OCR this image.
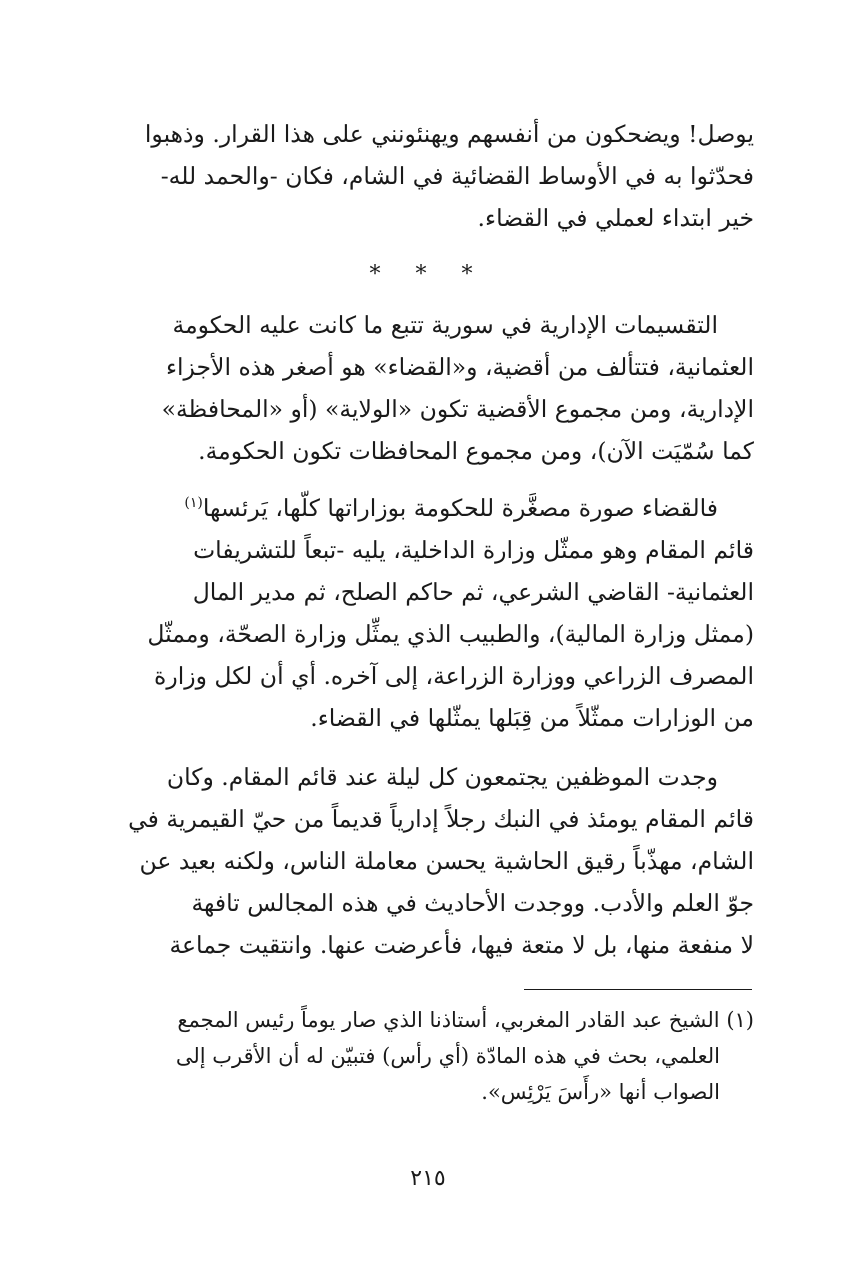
يوصل! ويضحكون من أنفسهم ويهنئونني على هذا القرار. وذهبوا
فحدّثوا به في الأوساط القضائية في الشام، فكان -والحمد لله-
خير ابتداء لعملي في القضاء.
* * *
التقسيمات الإدارية في سورية تتبع ما كانت عليه الحكومة
العثمانية، فتتألف من أقضية، و«القضاء» هو أصغر هذه الأجزاء
الإدارية، ومن مجموع الأقضية تكون «الولاية» (أو «المحافظة»
كما سُمّيَت الآن)، ومن مجموع المحافظات تكون الحكومة.
فالقضاء صورة مصغَّرة للحكومة بوزاراتها كلّها، يَرئسها$^{(١)}$
قائم المقام وهو ممثّل وزارة الداخلية، يليه -تبعاً للتشريفات
العثمانية- القاضي الشرعي، ثم حاكم الصلح، ثم مدير المال
(ممثل وزارة المالية)، والطبيب الذي يمثِّل وزارة الصحّة، وممثّل
المصرف الزراعي ووزارة الزراعة، إلى آخره. أي أن لكل وزارة
من الوزارات ممثّلاً من قِبَلها يمثّلها في القضاء.
وجدت الموظفين يجتمعون كل ليلة عند قائم المقام. وكان
قائم المقام يومئذ في النبك رجلاً إدارياً قديماً من حيّ القيمرية في
الشام، مهذّباً رقيق الحاشية يحسن معاملة الناس، ولكنه بعيد عن
جوّ العلم والأدب. ووجدت الأحاديث في هذه المجالس تافهة
لا منفعة منها، بل لا متعة فيها، فأعرضت عنها. وانتقيت جماعة
(١) الشيخ عبد القادر المغربي، أستاذنا الذي صار يوماً رئيس المجمع
العلمي، بحث في هذه المادّة (أي رأس) فتبيّن له أن الأقرب إلى
الصواب أنها «رأَسَ يَرْئِس».
٢١٥
